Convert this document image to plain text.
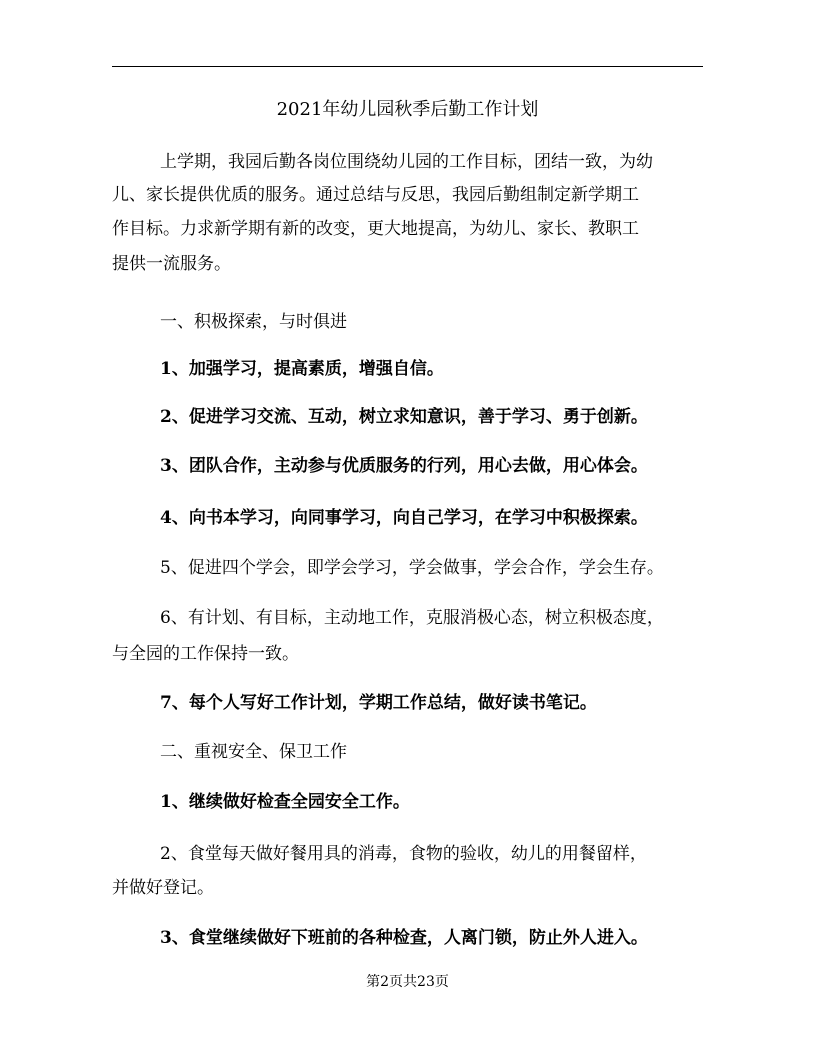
2021年幼儿园秋季后勤工作计划

上学期，我园后勤各岗位围绕幼儿园的工作目标，团结一致，为幼

儿、家长提供优质的服务。通过总结与反思，我园后勤组制定新学期工

作目标。力求新学期有新的改变，更大地提高，为幼儿、家长、教职工

提供一流服务。

一、积极探索，与时俱进

1、加强学习，提高素质，增强自信。

2、促进学习交流、互动，树立求知意识，善于学习、勇于创新。

3、团队合作，主动参与优质服务的行列，用心去做，用心体会。

4、向书本学习，向同事学习，向自己学习，在学习中积极探索。

5、促进四个学会，即学会学习，学会做事，学会合作，学会生存。

6、有计划、有目标，主动地工作，克服消极心态，树立积极态度，

与全园的工作保持一致。

7、每个人写好工作计划，学期工作总结，做好读书笔记。

二、重视安全、保卫工作

1、继续做好检查全园安全工作。

2、食堂每天做好餐用具的消毒，食物的验收，幼儿的用餐留样，

并做好登记。

3、食堂继续做好下班前的各种检查，人离门锁，防止外人进入。

第2页共23页
